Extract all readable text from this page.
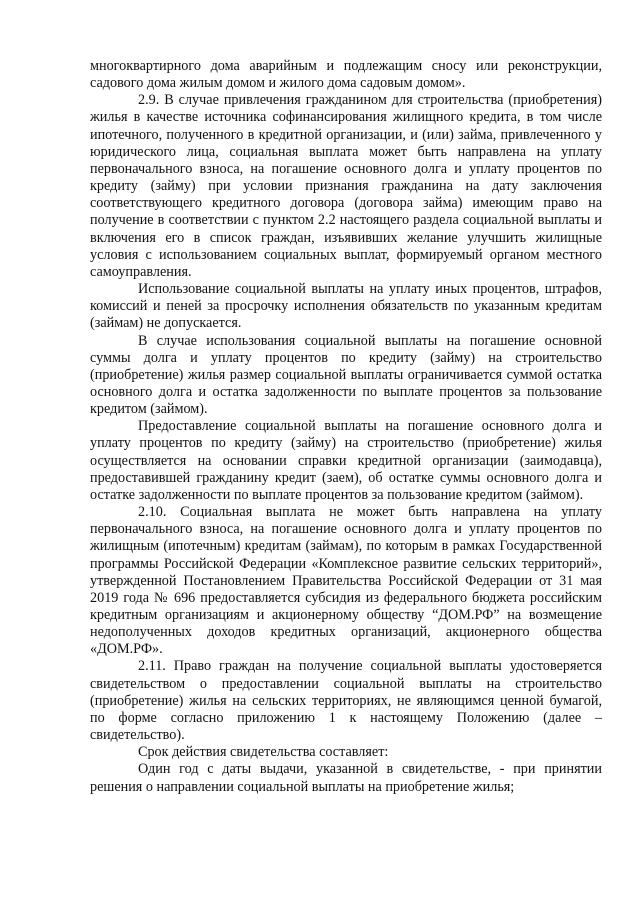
многоквартирного дома аварийным и подлежащим сносу или реконструкции, садового дома жилым домом и жилого дома садовым домом».

2.9. В случае привлечения гражданином для строительства (приобретения) жилья в качестве источника софинансирования жилищного кредита, в том числе ипотечного, полученного в кредитной организации, и (или) займа, привлеченного у юридического лица, социальная выплата может быть направлена на уплату первоначального взноса, на погашение основного долга и уплату процентов по кредиту (займу) при условии признания гражданина на дату заключения соответствующего кредитного договора (договора займа) имеющим право на получение в соответствии с пунктом 2.2 настоящего раздела социальной выплаты и включения его в список граждан, изъявивших желание улучшить жилищные условия с использованием социальных выплат, формируемый органом местного самоуправления.

Использование социальной выплаты на уплату иных процентов, штрафов, комиссий и пеней за просрочку исполнения обязательств по указанным кредитам (займам) не допускается.

В случае использования социальной выплаты на погашение основной суммы долга и уплату процентов по кредиту (займу) на строительство (приобретение) жилья размер социальной выплаты ограничивается суммой остатка основного долга и остатка задолженности по выплате процентов за пользование кредитом (займом).

Предоставление социальной выплаты на погашение основного долга и уплату процентов по кредиту (займу) на строительство (приобретение) жилья осуществляется на основании справки кредитной организации (заимодавца), предоставившей гражданину кредит (заем), об остатке суммы основного долга и остатке задолженности по выплате процентов за пользование кредитом (займом).

2.10. Социальная выплата не может быть направлена на уплату первоначального взноса, на погашение основного долга и уплату процентов по жилищным (ипотечным) кредитам (займам), по которым в рамках Государственной программы Российской Федерации «Комплексное развитие сельских территорий», утвержденной Постановлением Правительства Российской Федерации от 31 мая 2019 года № 696 предоставляется субсидия из федерального бюджета российским кредитным организациям и акционерному обществу “ДОМ.РФ” на возмещение недополученных доходов кредитных организаций, акционерного общества «ДОМ.РФ».

2.11. Право граждан на получение социальной выплаты удостоверяется свидетельством о предоставлении социальной выплаты на строительство (приобретение) жилья на сельских территориях, не являющимся ценной бумагой, по форме согласно приложению 1 к настоящему Положению (далее – свидетельство).

Срок действия свидетельства составляет:

Один год с даты выдачи, указанной в свидетельстве, - при принятии решения о направлении социальной выплаты на приобретение жилья;
